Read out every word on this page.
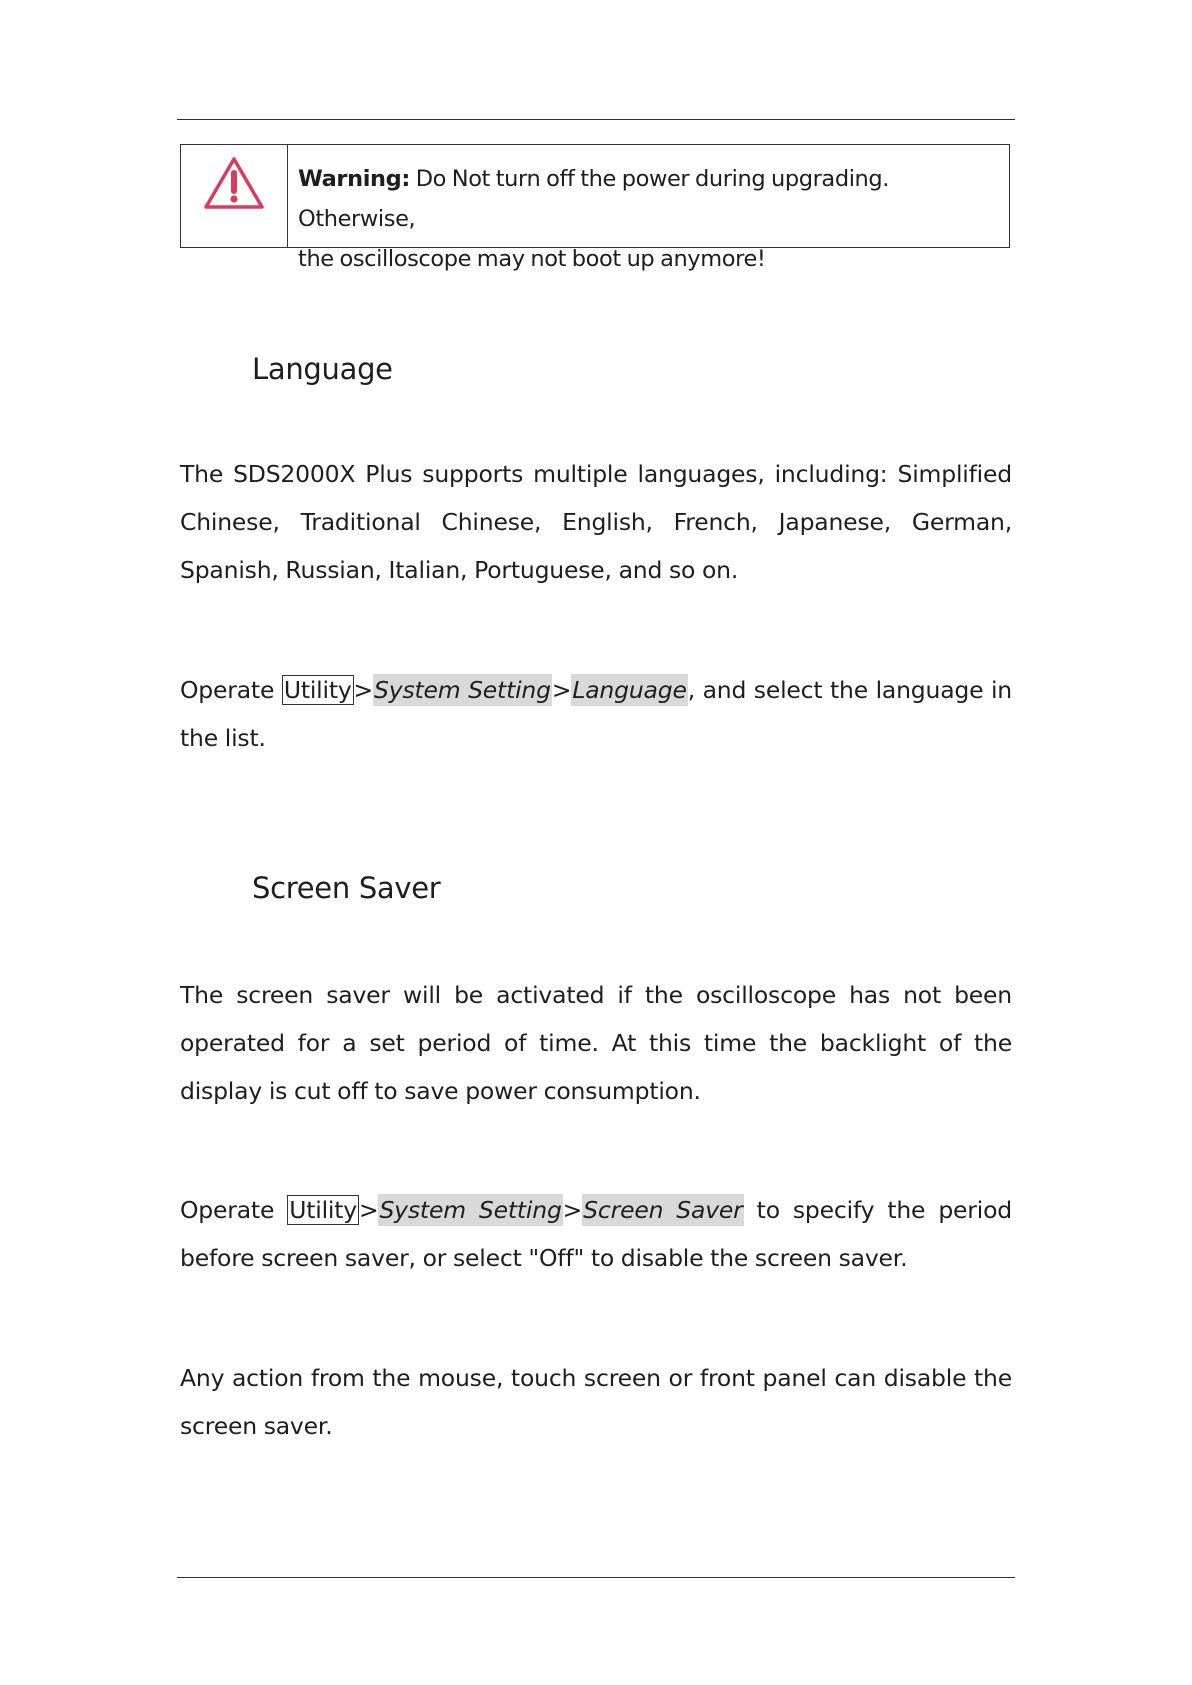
Warning: Do Not turn off the power during upgrading. Otherwise,
the oscilloscope may not boot up anymore!
Language

The SDS2000X Plus supports multiple languages, including: Simplified Chinese, Traditional Chinese, English, French, Japanese, German, Spanish, Russian, Italian, Portuguese, and so on.

Operate Utility>System Setting>Language, and select the language in the list.

Screen Saver

The screen saver will be activated if the oscilloscope has not been operated for a set period of time. At this time the backlight of the display is cut off to save power consumption.

Operate Utility>System Setting>Screen Saver to specify the period before screen saver, or select "Off" to disable the screen saver.

Any action from the mouse, touch screen or front panel can disable the screen saver.
